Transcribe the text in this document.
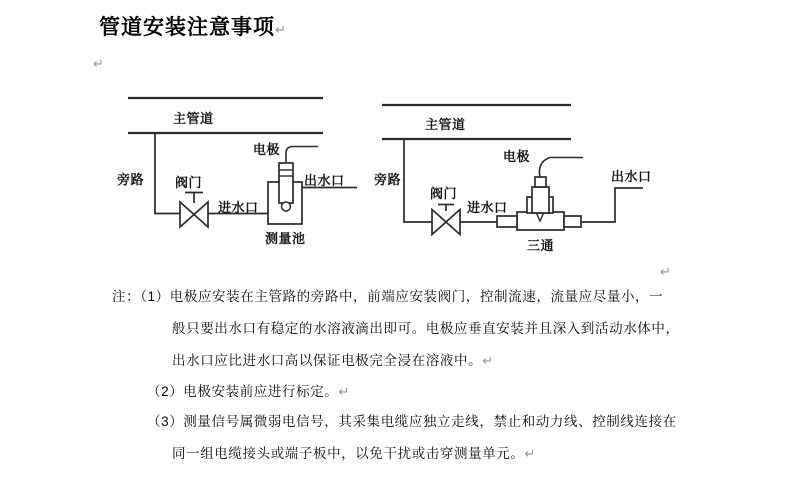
管道安装注意事项↵
↵
↵
主管道
旁路 阀门
进水口
电极
出水口
测量池
主管道
旁路
阀门
进水口
电极
出水口
三通
注：（1）电极应安装在主管路的旁路中，前端应安装阀门，控制流速，流量应尽量小，一
般只要出水口有稳定的水溶液滴出即可。电极应垂直安装并且深入到活动水体中，
出水口应比进水口高以保证电极完全浸在溶液中。↵
（2）电极安装前应进行标定。↵
（3）测量信号属微弱电信号，其采集电缆应独立走线，禁止和动力线、控制线连接在
同一组电缆接头或端子板中，以免干扰或击穿测量单元。↵
